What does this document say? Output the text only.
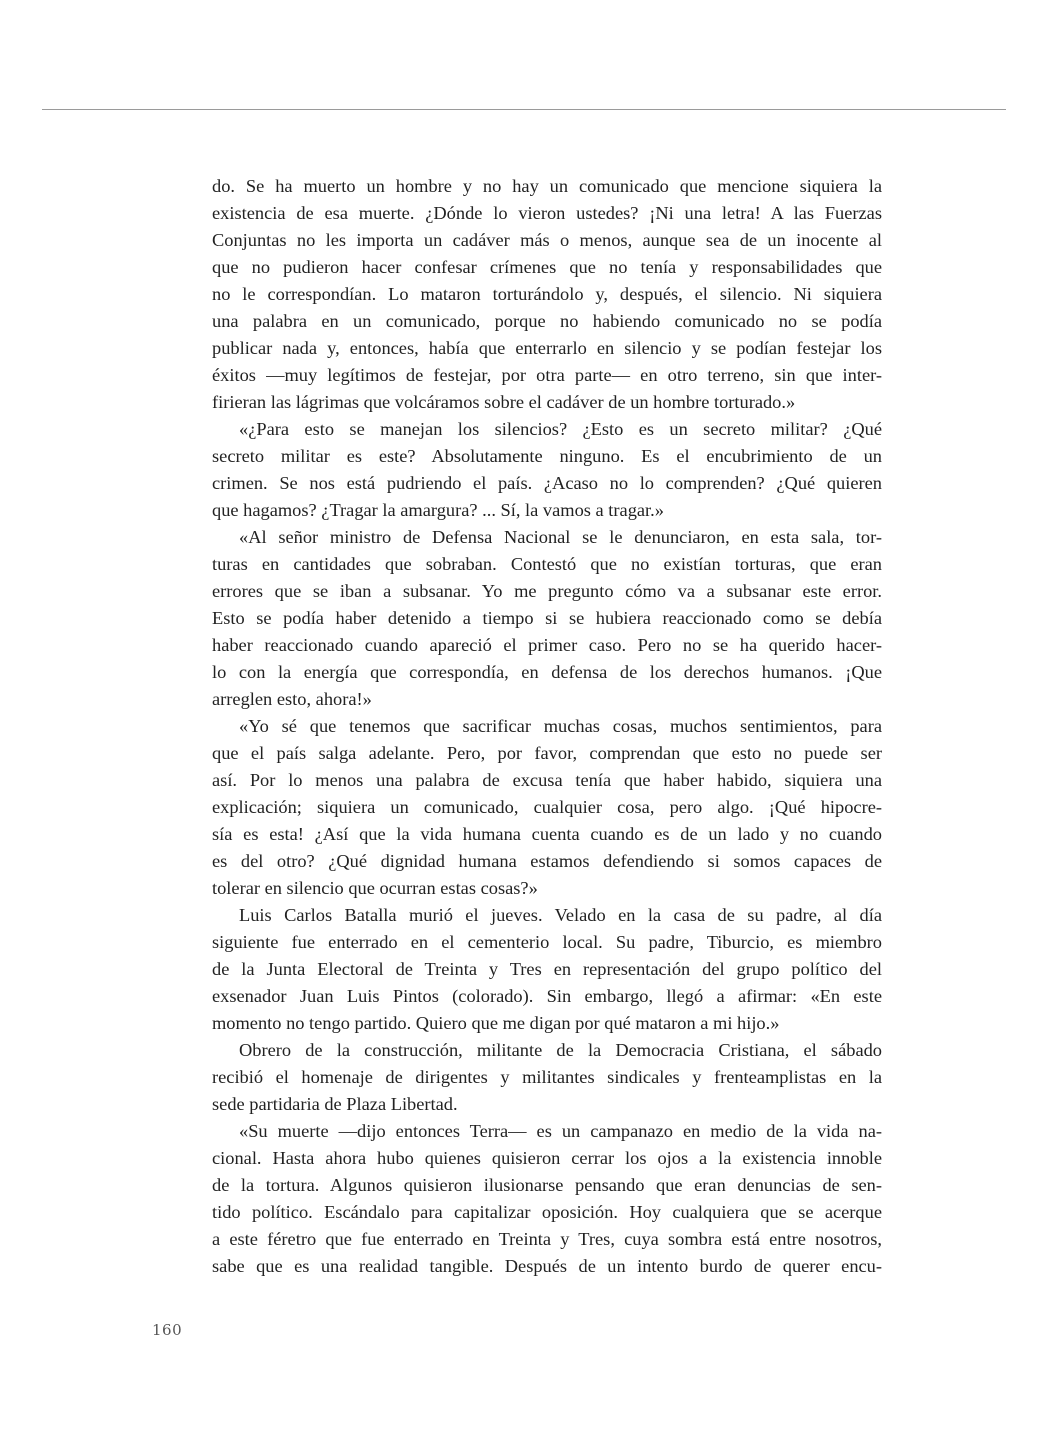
do. Se ha muerto un hombre y no hay un comunicado que mencione siquiera la
existencia de esa muerte. ¿Dónde lo vieron ustedes? ¡Ni una letra! A las Fuerzas
Conjuntas no les importa un cadáver más o menos, aunque sea de un inocente al
que no pudieron hacer confesar crímenes que no tenía y responsabilidades que
no le correspondían. Lo mataron torturándolo y, después, el silencio. Ni siquiera
una palabra en un comunicado, porque no habiendo comunicado no se podía
publicar nada y, entonces, había que enterrarlo en silencio y se podían festejar los
éxitos —muy legítimos de festejar, por otra parte— en otro terreno, sin que inter-
firieran las lágrimas que volcáramos sobre el cadáver de un hombre torturado.»
«¿Para esto se manejan los silencios? ¿Esto es un secreto militar? ¿Qué
secreto militar es este? Absolutamente ninguno. Es el encubrimiento de un
crimen. Se nos está pudriendo el país. ¿Acaso no lo comprenden? ¿Qué quieren
que hagamos? ¿Tragar la amargura? ... Sí, la vamos a tragar.»
«Al señor ministro de Defensa Nacional se le denunciaron, en esta sala, tor-
turas en cantidades que sobraban. Contestó que no existían torturas, que eran
errores que se iban a subsanar. Yo me pregunto cómo va a subsanar este error.
Esto se podía haber detenido a tiempo si se hubiera reaccionado como se debía
haber reaccionado cuando apareció el primer caso. Pero no se ha querido hacer-
lo con la energía que correspondía, en defensa de los derechos humanos. ¡Que
arreglen esto, ahora!»
«Yo sé que tenemos que sacrificar muchas cosas, muchos sentimientos, para
que el país salga adelante. Pero, por favor, comprendan que esto no puede ser
así. Por lo menos una palabra de excusa tenía que haber habido, siquiera una
explicación; siquiera un comunicado, cualquier cosa, pero algo. ¡Qué hipocre-
sía es esta! ¿Así que la vida humana cuenta cuando es de un lado y no cuando
es del otro? ¿Qué dignidad humana estamos defendiendo si somos capaces de
tolerar en silencio que ocurran estas cosas?»
Luis Carlos Batalla murió el jueves. Velado en la casa de su padre, al día
siguiente fue enterrado en el cementerio local. Su padre, Tiburcio, es miembro
de la Junta Electoral de Treinta y Tres en representación del grupo político del
exsenador Juan Luis Pintos (colorado). Sin embargo, llegó a afirmar: «En este
momento no tengo partido. Quiero que me digan por qué mataron a mi hijo.»
Obrero de la construcción, militante de la Democracia Cristiana, el sábado
recibió el homenaje de dirigentes y militantes sindicales y frenteamplistas en la
sede partidaria de Plaza Libertad.
«Su muerte —dijo entonces Terra— es un campanazo en medio de la vida na-
cional. Hasta ahora hubo quienes quisieron cerrar los ojos a la existencia innoble
de la tortura. Algunos quisieron ilusionarse pensando que eran denuncias de sen-
tido político. Escándalo para capitalizar oposición. Hoy cualquiera que se acerque
a este féretro que fue enterrado en Treinta y Tres, cuya sombra está entre nosotros,
sabe que es una realidad tangible. Después de un intento burdo de querer encu-
160
